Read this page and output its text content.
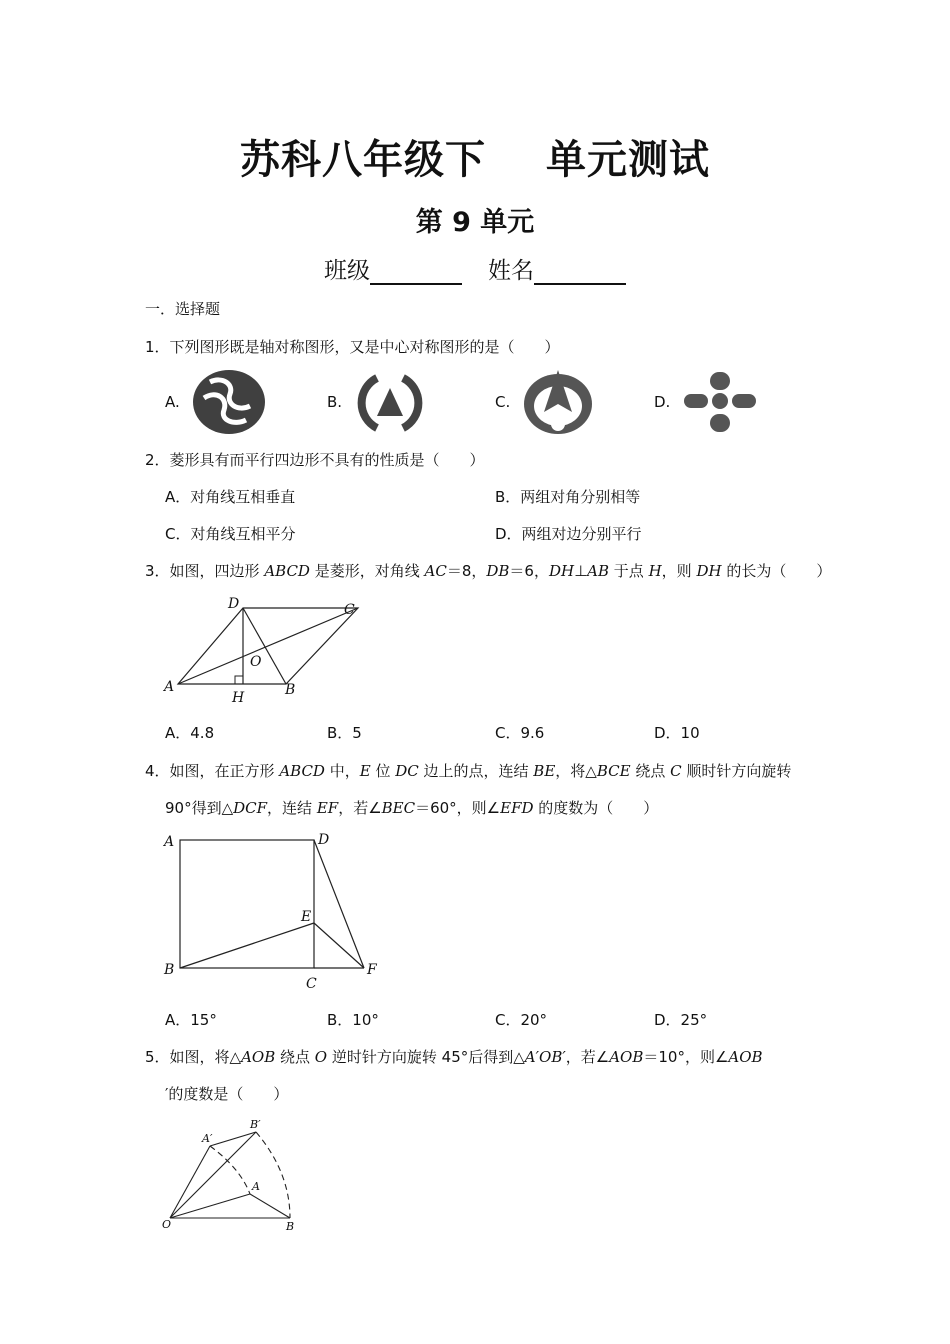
苏科八年级下 单元测试
第 9 单元
班级	姓名
一．选择题
1．下列图形既是轴对称图形，又是中心对称图形的是（　　）
A.	B.	C.	D.
2．菱形具有而平行四边形不具有的性质是（　　）
A．对角线互相垂直	B．两组对角分别相等
C．对角线互相平分	D．两组对边分别平行
3．如图，四边形 ABCD 是菱形，对角线 AC＝8，DB＝6，DH⊥AB 于点 H，则 DH 的长为（　　）
D	C
O
A
H	B
A．4.8	B．5	C．9.6	D．10
4．如图，在正方形 ABCD 中，E 位 DC 边上的点，连结 BE，将△BCE 绕点 C 顺时针方向旋转
90°得到△DCF，连结 EF，若∠BEC＝60°，则∠EFD 的度数为（　　）
A	D
E
B
C
F
A．15°	B．10°	C．20°	D．25°
5．如图，将△AOB 绕点 O 逆时针方向旋转 45°后得到△A′OB′，若∠AOB＝10°，则∠AOB
′的度数是（　　）
A′
B′
A
O	B
